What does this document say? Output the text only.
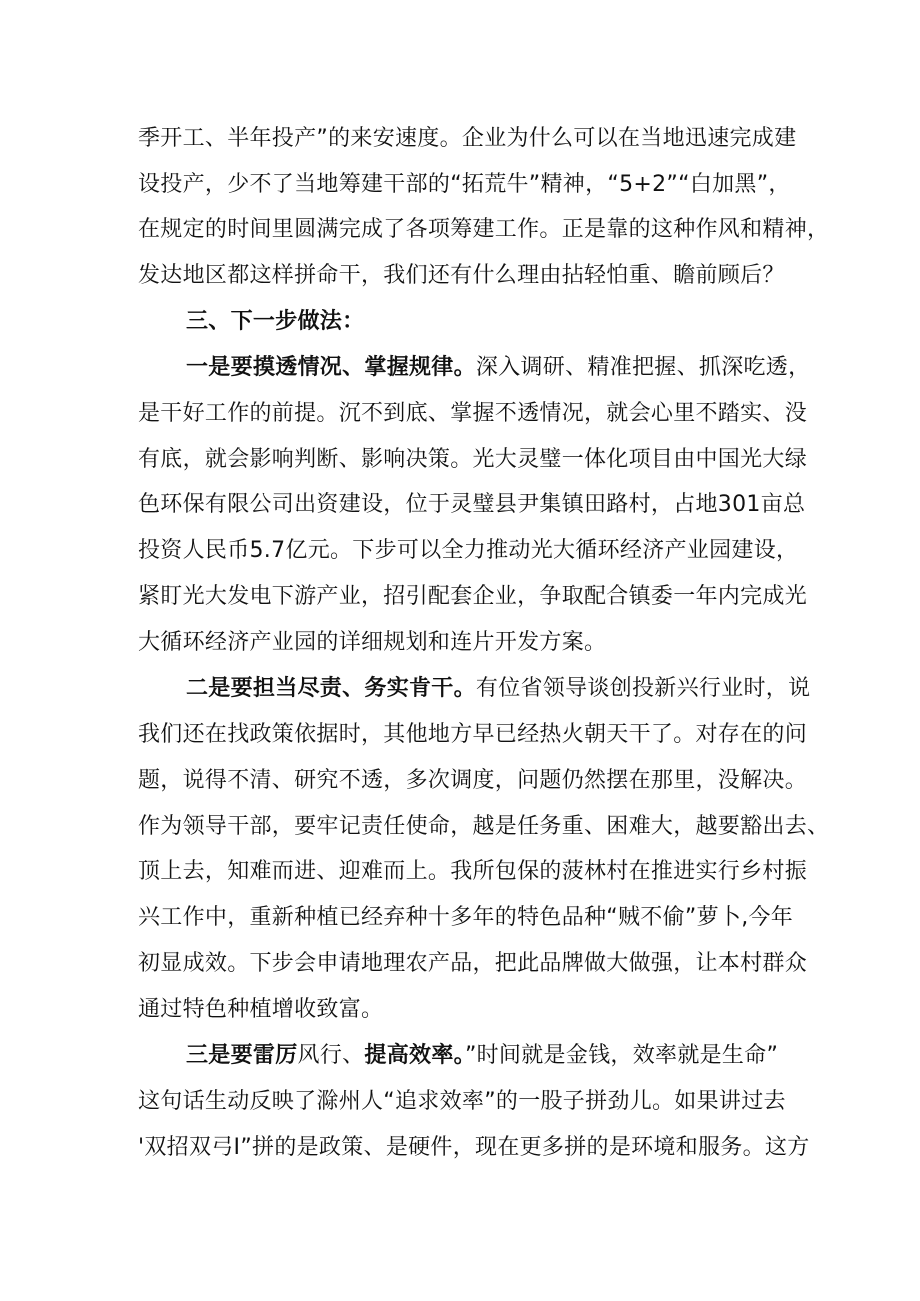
季开工、半年投产”的来安速度。企业为什么可以在当地迅速完成建
设投产，少不了当地筹建干部的“拓荒牛”精神，“5+2”“白加黑”，
在规定的时间里圆满完成了各项筹建工作。正是靠的这种作风和精神，
发达地区都这样拼命干，我们还有什么理由拈轻怕重、瞻前顾后？
三、下一步做法：
一是要摸透情况、掌握规律。深入调研、精准把握、抓深吃透，
是干好工作的前提。沉不到底、掌握不透情况，就会心里不踏实、没
有底，就会影响判断、影响决策。光大灵璧一体化项目由中国光大绿
色环保有限公司出资建设，位于灵璧县尹集镇田路村，占地301亩总
投资人民币5.7亿元。下步可以全力推动光大循环经济产业园建设，
紧盯光大发电下游产业，招引配套企业，争取配合镇委一年内完成光
大循环经济产业园的详细规划和连片开发方案。
二是要担当尽责、务实肯干。有位省领导谈创投新兴行业时，说
我们还在找政策依据时，其他地方早已经热火朝天干了。对存在的问
题，说得不清、研究不透，多次调度，问题仍然摆在那里，没解决。
作为领导干部，要牢记责任使命，越是任务重、困难大，越要豁出去、
顶上去，知难而进、迎难而上。我所包保的菠林村在推进实行乡村振
兴工作中，重新种植已经弃种十多年的特色品种“贼不偷”萝卜,今年
初显成效。下步会申请地理农产品，把此品牌做大做强，让本村群众
通过特色种植增收致富。
三是要雷厉风行、提高效率。”时间就是金钱，效率就是生命”
这句话生动反映了滁州人“追求效率”的一股子拼劲儿。如果讲过去
'双招双弓I”拼的是政策、是硬件，现在更多拼的是环境和服务。这方
